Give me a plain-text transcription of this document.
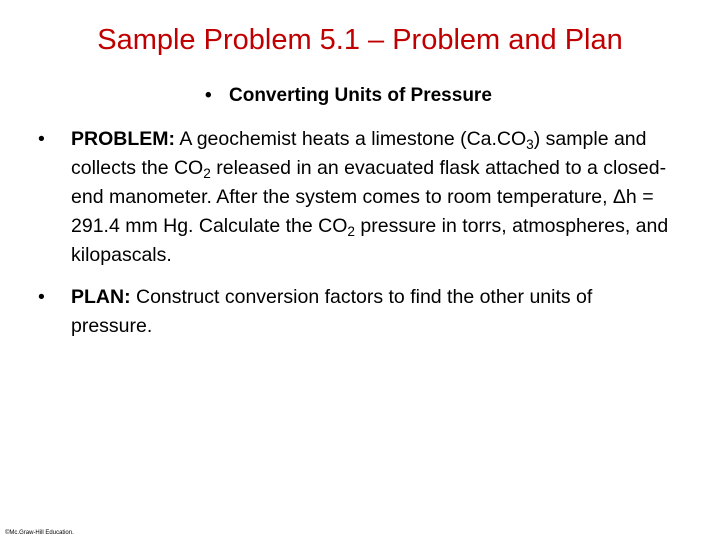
Sample Problem 5.1 – Problem and Plan
• Converting Units of Pressure
• PROBLEM: A geochemist heats a limestone $(Ca.CO_3)$ sample and collects the $CO_2$ released in an evacuated flask attached to a closed-end manometer. After the system comes to room temperature, Δh = 291.4 mm Hg. Calculate the $CO_2$ pressure in torrs, atmospheres, and kilopascals.
• PLAN: Construct conversion factors to find the other units of pressure.
©Mc.Graw-Hill Education.
